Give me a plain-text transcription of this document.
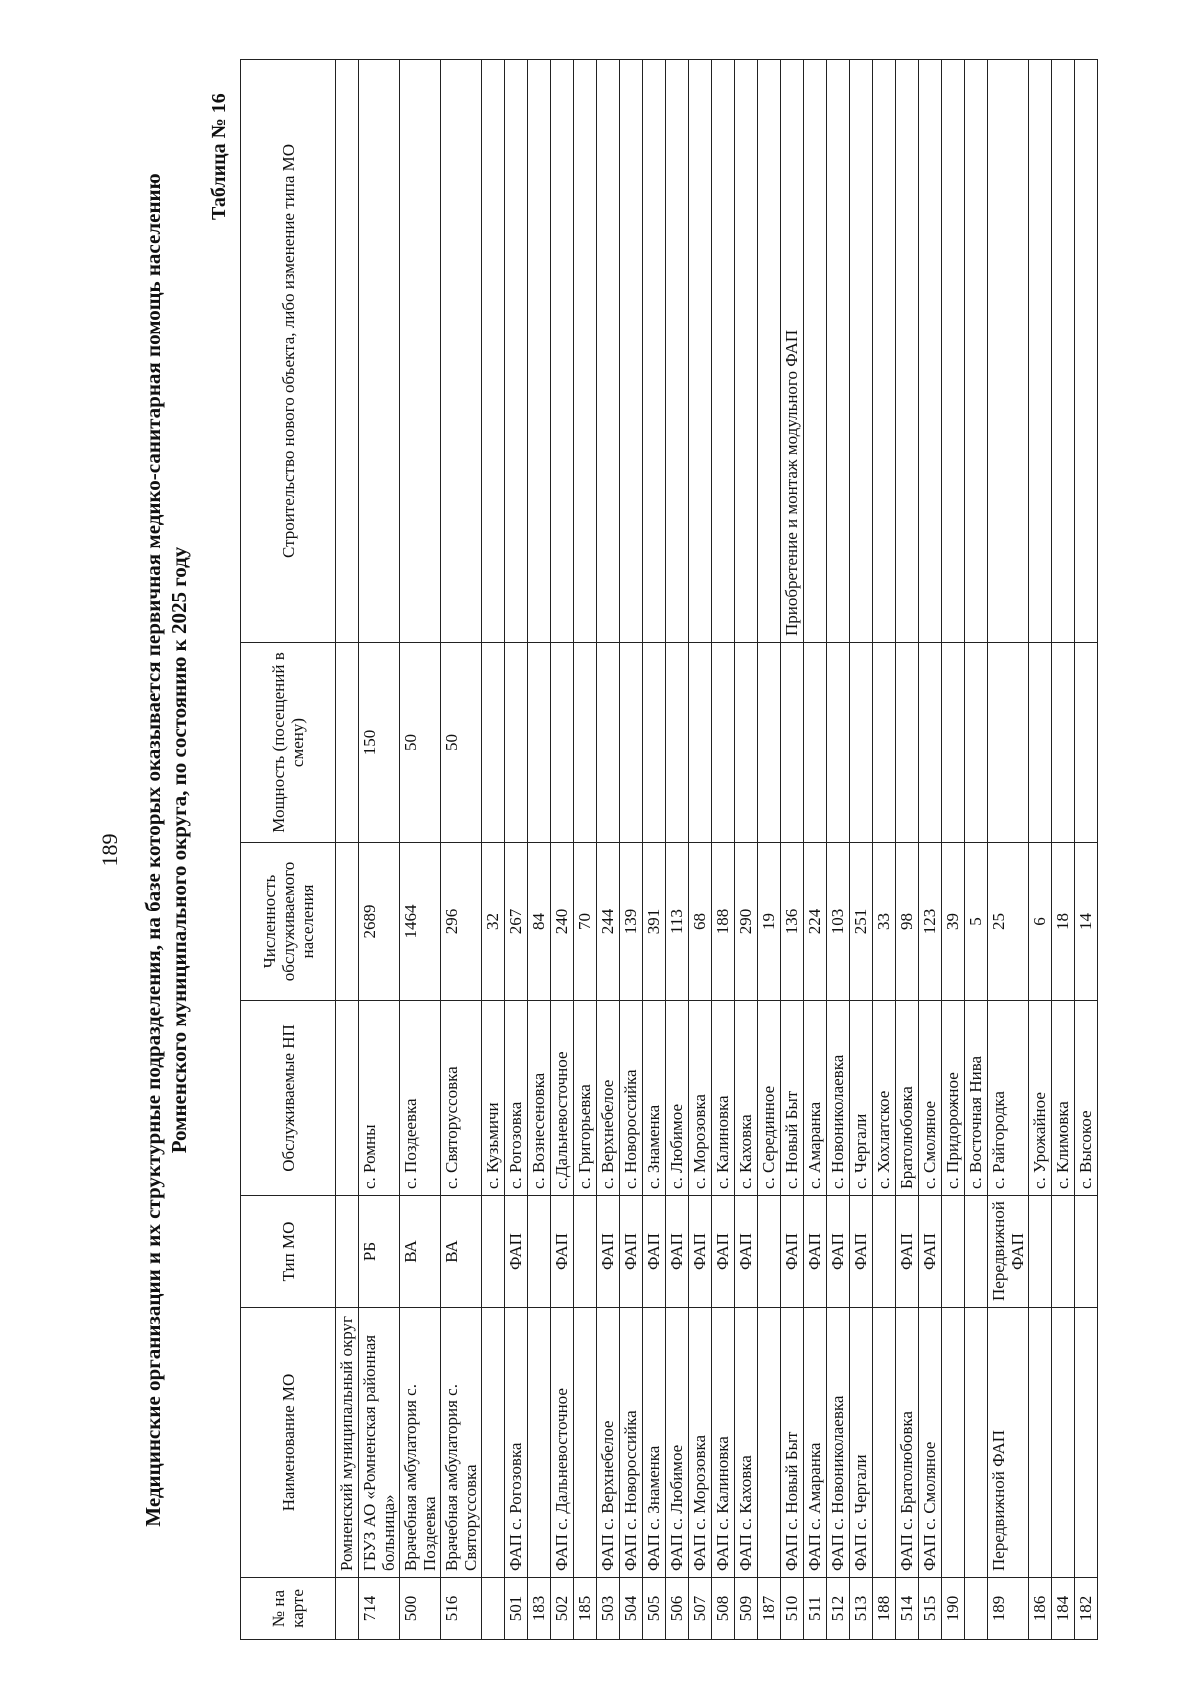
189 Медицинские организации и их структурные подразделения, на базе которых оказывается первичная медико-санитарная помощь населению Ромненского муниципального округа, по состоянию к 2025 году
Таблица № 16
№ на карте	Наименование МО	Тип МО	Обслуживаемые НП	Численность обслуживаемого населения	Мощность (посещений в смену)	Строительство нового объекта, либо изменение типа МО
	Ромненский муниципальный округ					
714	ГБУЗ АО «Ромненская районная больница»	РБ	с. Ромны	2689	150	
500	Врачебная амбулатория с. Поздеевка	ВА	с. Поздеевка	1464	50	
516	Врачебная амбулатория с. Святоруссовка	ВА	с. Святоруссовка	296	50	
			с. Кузьмичи	32		
501	ФАП с. Рогозовка	ФАП	с. Рогозовка	267		
183			с. Вознесеновка	84		
502	ФАП с. Дальневосточное	ФАП	с.Дальневосточное	240		
185			с. Григорьевка	70		
503	ФАП с. Верхнебелое	ФАП	с. Верхнебелое	244		
504	ФАП с. Новороссийка	ФАП	с. Новороссийка	139		
505	ФАП с. Знаменка	ФАП	с. Знаменка	391		
506	ФАП с. Любимое	ФАП	с. Любимое	113		
507	ФАП с. Морозовка	ФАП	с. Морозовка	68		
508	ФАП с. Калиновка	ФАП	с. Калиновка	188		
509	ФАП с. Каховка	ФАП	с. Каховка	290		
187			с. Серединное	19		
510	ФАП с. Новый Быт	ФАП	с. Новый Быт	136		Приобретение и монтаж модульного ФАП
511	ФАП с. Амаранка	ФАП	с. Амаранка	224		
512	ФАП с. Новониколаевка	ФАП	с. Новониколаевка	103		
513	ФАП с. Чергали	ФАП	с. Чергали	251		
188			с. Хохлатское	33		
514	ФАП с. Братолюбовка	ФАП	Братолюбовка	98		
515	ФАП с. Смоляное	ФАП	с. Смоляное	123		
190			с. Придорожное	39		
			с. Восточная Нива	5		
189	Передвижной ФАП	Передвижной ФАП	с. Райгородка	25		
186			с. Урожайное	6		
184			с. Климовка	18		
182			с. Высокое	14		
